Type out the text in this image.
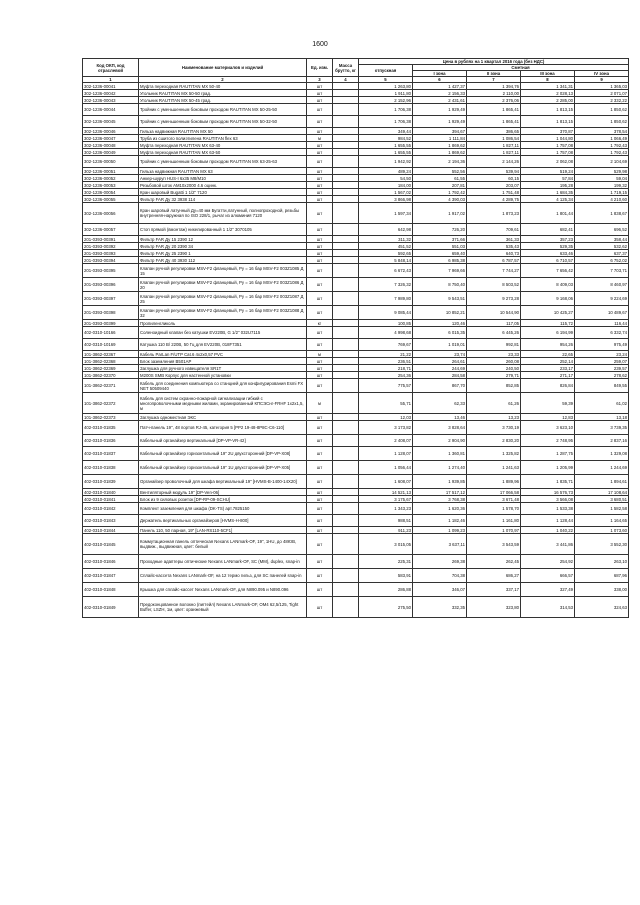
1600
Код ОКП, код отраслевой	Наименование материалов и изделий	Ед. изм.	Масса брутто, кг	Цена в рублях на 1 квартал 2016 года (без НДС)				
				отпускная	Сметная			
					I зона	II зона	III зона	IV зона
1	2	3	4	5	6	7	8	9
302-1236-00041	Муфта переходная RAUTITAN MX 50-40	шт		1 263,80	1 427,37	1 394,76	1 341,31	1 365,03
302-1236-00042	Угольник RAUTITAN MX 50-50 град.	шт		1 911,80	2 156,33	2 110,00	2 028,13	2 071,07
302-1236-00043	Угольник RAUTITAN MX 50-45 град.	шт		2 152,96	2 431,61	2 376,06	2 285,00	2 332,22
302-1236-00044	Тройник с уменьшенным боковым проходом RAUTITAN MX 50-25-50	шт		1 706,38	1 929,49	1 865,41	1 813,15	1 850,62
302-1236-00045	Тройник с уменьшенным боковым проходом RAUTITAN MX 50-32-50	шт		1 706,38	1 929,49	1 865,41	1 813,15	1 850,62
302-1236-00046	Гильза надвижная RAUTITAN MX 50	шт		349,44	394,67	386,65	370,87	378,54
302-1236-00047	Труба из сшитого полиэтилена RAUTITAN flex 63	м		984,52	1 111,84	1 086,54	1 044,80	1 066,49
302-1236-00048	Муфта переходная RAUTITAN MX 63-40	шт		1 655,55	1 869,62	1 827,11	1 757,08	1 792,43
302-1236-00049	Муфта переходная RAUTITAN MX 63-50	шт		1 655,55	1 869,62	1 827,11	1 757,08	1 792,43
302-1236-00050	Тройник с уменьшенным боковым проходом RAUTITAN MX 63-25-63	шт		1 942,92	2 194,36	2 144,26	2 062,08	2 104,69
302-1236-00051	Гильза надвижная RAUTITAN MX 63	шт		489,24	552,56	539,94	519,24	529,98
302-1236-00052	Анкер-шуруп HUS-I 6x35 M8/M10	шт		54,50	61,55	60,15	57,84	59,04
302-1236-00053	Резьбовой шток AM10x2000 4.6 оцинк.	шт		184,00	207,81	203,07	195,28	199,32
302-1236-00054	Кран шаровый Bugatti 1 1/2" 7120	шт		1 567,02	1 792,42	1 751,48	1 684,35	1 719,15
302-1236-00055	Фильтр FAR Ду 32 3938 114	шт		3 866,98	4 390,03	4 289,75	4 125,34	4 210,60
302-1236-00056	Кран шаровый латунный Ду=40 мм Бугатти,латунный, полнопроходной, резьбы внутренняя-наружная по ISO 228/1, рычаг из алюминия 7120	шт		1 597,34	1 917,02	1 873,23	1 801,44	1 838,67
302-1236-00057	Стоп прямой (вмонтаж) никелированный 1 1/2" 3070105	шт		642,98	726,20	709,61	682,41	696,52
201-0393-00391	Фильтр FAR Ду 15 2390 12	шт		311,32	371,66	361,33	357,23	358,44
201-0393-00392	Фильтр FAR Ду 20 2390 34	шт		451,52	551,03	535,43	529,35	532,62
201-0393-00393	Фильтр FAR Ду 25 2390 1	шт		592,65	659,40	640,73	633,46	637,37
201-0393-00394	Фильтр FAR Ду 40 3930 112	шт		5 848,14	6 985,38	6 787,57	6 710,57	6 752,02
201-0393-00395	Клапан ручной регулировки MSV-F2 фланцевый, Ру = 16 бар MSV-F2 003Z1085 Д 15	шт		6 672,43	7 969,66	7 744,27	7 656,42	7 703,71
201-0393-00396	Клапан ручной регулировки MSV-F2 фланцевый, Ру = 16 бар MSV-F2 003Z1086 Д 20	шт		7 326,32	8 750,40	8 503,52	8 409,03	8 460,97
201-0393-00397	Клапан ручной регулировки MSV-F2 фланцевый, Ру = 16 бар MSV-F2 003Z1087 Д 25	шт		7 989,80	9 543,51	9 273,28	9 168,06	9 224,69
201-0393-00398	Клапан ручной регулировки MSV-F2 фланцевый, Ру = 16 бар MSV-F2 003Z1088 Д 32	шт		9 085,44	10 852,21	10 544,90	10 425,27	10 489,67
201-0393-00399	Пропиленгликоль	кг		100,85	120,46	117,05	115,72	116,44
402-0310-10166	Соленоидный клапан без катушки EV220B, G 1/2" 032U7115	шт		4 998,68	6 015,35	6 445,26	6 194,99	6 332,74
402-0310-10169	Катушка 110 В/ 220В, 50 Гц для EV220B, 018F7351	шт		769,67	1 019,01	992,81	954,26	975,49
101-3862-02367	Кабель ParLan F/UTP Cat.6 4x2x0,57 PVC	м		21,22	23,74	23,33	22,65	23,24
101-3862-02368	Блок заземления B501AP	шт		236,51	264,61	260,08	252,14	259,07
101-3862-02369	Заглушка для ручного извещателя SR1T	шт		218,71	244,69	240,50	233,17	239,57
101-3862-02370	M200S SMB Корпус для настенной установки	шт		254,36	284,58	279,71	271,17	278,62
101-3862-02371	Кабель для соединения компьютера со станцией для конфигурирования Esmi FX NET 50509440	шт		775,57	867,70	852,85	826,84	849,55
101-3862-02372	Кабель для систем охранно-пожарной сигнализации гибкий с многопроволочными медными жилами, экранированный КПСЭСнг-FRHF 1x2x1,5, м	м		55,71	62,33	61,26	59,39	61,02
101-3862-02373	Заглушка одноместная ЭКС	шт		12,03	13,46	13,23	12,83	13,18
402-0310-01835	Патч-панель 19", 48 портов RJ-45, категория 5 [PP2 19-48-8P8C-C6-110]	шт		3 173,82	3 828,64	3 730,19	3 623,10	3 739,35
402-0310-01836	Кабельный органайзер вертикальный [DP-VP-VR-42]	шт		2 408,07	2 904,90	2 830,20	2 748,95	2 837,16
402-0310-01837	Кабельный органайзер горизонтальный 19" 2U двухсторонний [DP-VP-X08]	шт		1 128,07	1 360,81	1 325,82	1 287,75	1 329,08
402-0310-01838	Кабельный органайзер горизонтальный 19" 1U двухсторонний [DP-VP-X05]	шт		1 056,44	1 274,40	1 241,63	1 205,99	1 244,69
402-0310-01839	Органайзер проволочный для шкафа вертикальный 19" [HVMS-В-1400-14X20]	шт		1 608,07	1 939,85	1 889,96	1 835,71	1 894,61
402-0310-01840	Вентиляторный модуль 19" [DP-Ven-06]	шт		14 521,13	17 517,12	17 066,58	16 576,73	17 108,64
402-0310-01841	Блок из 9 силовых розеток [DP-RP-09-SCHU]	шт		3 175,67	3 768,38	3 671,48	3 566,08	3 680,51
402-0310-01842	Комплект заземления для шкафа (DK-TS) арт.7825150	шт		1 343,23	1 620,36	1 578,70	1 533,38	1 582,58
402-0310-01843	Держатель вертикальных органайзеров [HVMS-H-800]	шт		988,51	1 182,46	1 161,80	1 128,44	1 164,65
402-0310-01844	Панель 110, 50 парная, 19" [LAN-RS110-5CF1]	шт		911,23	1 099,23	1 070,97	1 040,22	1 073,60
402-0310-01845	Коммутационная панель оптическая Nexans LANmark-OF, 19", 1HU, до 48ЮВ, выдвиж., выдвижная, цвет: белый	шт		3 015,05	3 637,11	3 543,59	3 441,86	3 552,30
402-0310-01846	Проходные адаптеры оптические Nexans LANmark-OF, SC (MM), duplex, snap-in	шт		225,31	269,38	262,45	254,92	263,10
402-0310-01847	Сплайс-кассета Nexans LANmark-OF, на 12 термо гильз, для SC панелей snap-in	шт		583,91	704,38	686,27	666,57	687,96
402-0310-01848	Крышка для сплайс-кассет Nexans LANmark-OF, для N890.095 и N890.096	шт		286,88	346,07	337,17	327,49	338,00
402-0310-01849	Предоконцованное волокно (пигтейл) Nexans LANmark-OF, OM4 62,5/125, Tight Buffer, LSZH, 1м, цвет: оранжевый	шт		275,50	332,35	323,80	314,53	324,63
